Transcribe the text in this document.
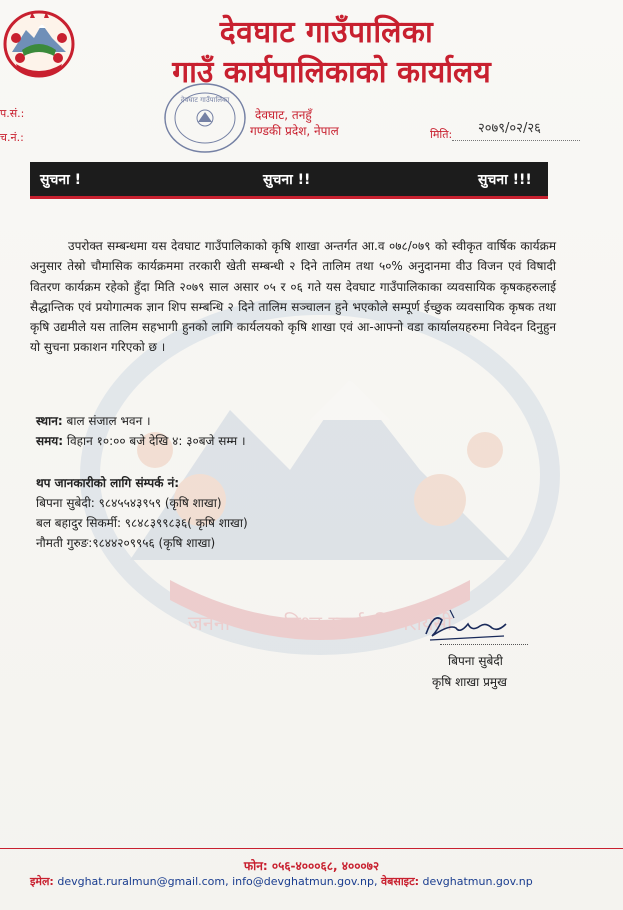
जननी जन्मभूमिश्च स्वर्गादपि गरीयसी
देवघाट गाउँपालिका
गाउँ कार्यपालिकाको कार्यालय
देवघाट गाउँपालिका
देवघाट, तनहुँ
गण्डकी प्रदेश, नेपाल
प.सं.:
च.नं.:	मिति: २०७९/०२/२६
सुचना !	सुचना !!	सुचना !!!
उपरोक्त सम्बन्धमा यस देवघाट गाउँपालिकाको कृषि शाखा अन्तर्गत आ.व ०७८/०७९ को स्वीकृत वार्षिक कार्यक्रम अनुसार तेस्रो चौमासिक कार्यक्रममा तरकारी खेती सम्बन्धी २ दिने तालिम तथा ५०% अनुदानमा वीउ विजन एवं विषादी वितरण कार्यक्रम रहेको हुँदा मिति २०७९ साल असार ०५ र ०६ गते यस देवघाट गाउँपालिकाका व्यवसायिक कृषकहरुलाई सैद्धान्तिक एवं प्रयोगात्मक ज्ञान शिप सम्बन्धि २ दिने तालिम सञ्चालन हुने भएकोले सम्पूर्ण ईच्छुक व्यवसायिक कृषक तथा कृषि उद्यमीले यस तालिम सहभागी हुनको लागि कार्यलयको कृषि शाखा एवं आ-आफ्नो वडा कार्यालयहरुमा निवेदन दिनुहुन यो सुचना प्रकाशन गरिएको छ ।
स्थान: बाल संजाल भवन ।
समय: विहान १०:०० बजे देखि ४: ३०बजे सम्म ।
थप जानकारीको लागि संम्पर्क नं:
बिपना सुबेदी: ९८४५५४३९५९ (कृषि शाखा)
बल बहादुर सिकर्मी: ९८४८३९९८३६( कृषि शाखा)
नौमती गुरुङ:९८४४२०९९५६ (कृषि शाखा)
बिपना सुबेदी
कृषि शाखा प्रमुख
फोन: ०५६-४०००६८, ४०००७२
इमेल: devghat.ruralmun@gmail.com, info@devghatmun.gov.np, वेबसाइट: devghatmun.gov.np
